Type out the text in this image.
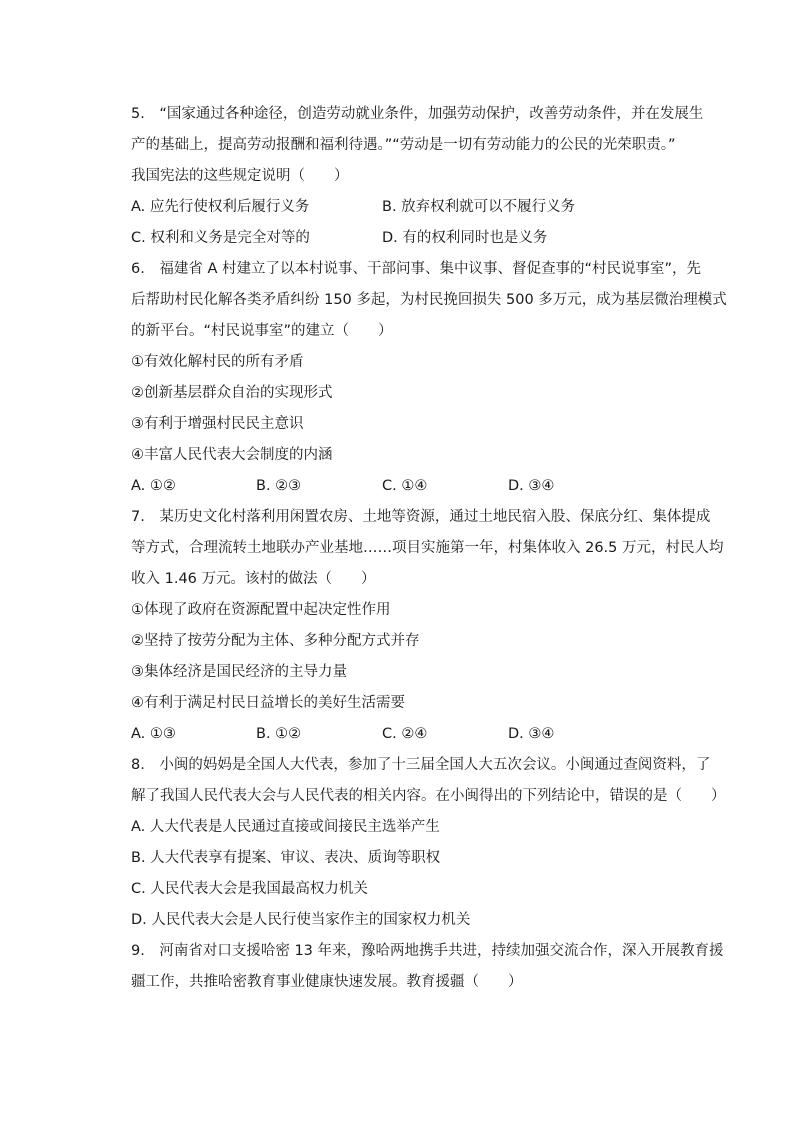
5.　“国家通过各种途径，创造劳动就业条件，加强劳动保护，改善劳动条件，并在发展生
产的基础上，提高劳动报酬和福利待遇。”“劳动是一切有劳动能力的公民的光荣职责。”
我国宪法的这些规定说明（　　）
A. 应先行使权利后履行义务	B. 放弃权利就可以不履行义务
C. 权利和义务是完全对等的	D. 有的权利同时也是义务
6.　福建省 A 村建立了以本村说事、干部问事、集中议事、督促查事的“村民说事室”，先
后帮助村民化解各类矛盾纠纷 150 多起，为村民挽回损失 500 多万元，成为基层微治理模式
的新平台。“村民说事室”的建立（　　）
①有效化解村民的所有矛盾
②创新基层群众自治的实现形式
③有利于增强村民民主意识
④丰富人民代表大会制度的内涵
A. ①②	B. ②③	C. ①④	D. ③④
7.　某历史文化村落利用闲置农房、土地等资源，通过土地民宿入股、保底分红、集体提成
等方式，合理流转土地联办产业基地……项目实施第一年，村集体收入 26.5 万元，村民人均
收入 1.46 万元。该村的做法（　　）
①体现了政府在资源配置中起决定性作用
②坚持了按劳分配为主体、多种分配方式并存
③集体经济是国民经济的主导力量
④有利于满足村民日益增长的美好生活需要
A. ①③	B. ①②	C. ②④	D. ③④
8.　小闽的妈妈是全国人大代表，参加了十三届全国人大五次会议。小闽通过查阅资料，了
解了我国人民代表大会与人民代表的相关内容。在小闽得出的下列结论中，错误的是（　　）
A. 人大代表是人民通过直接或间接民主选举产生
B. 人大代表享有提案、审议、表决、质询等职权
C. 人民代表大会是我国最高权力机关
D. 人民代表大会是人民行使当家作主的国家权力机关
9.　河南省对口支援哈密 13 年来，豫哈两地携手共进，持续加强交流合作，深入开展教育援
疆工作，共推哈密教育事业健康快速发展。教育援疆（　　）
